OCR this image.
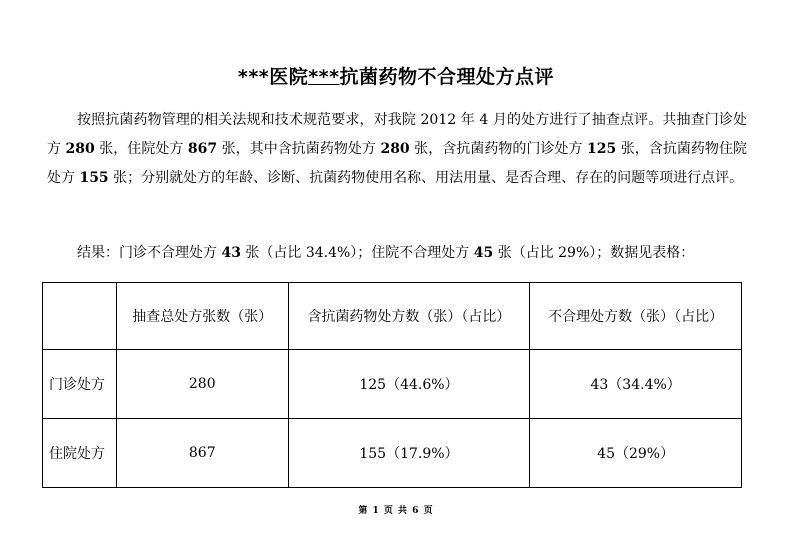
***医院***抗菌药物不合理处方点评
按照抗菌药物管理的相关法规和技术规范要求，对我院 2012 年 4 月的处方进行了抽查点评。共抽查门诊处方 280 张，住院处方 867 张，其中含抗菌药物处方 280 张，含抗菌药物的门诊处方 125 张，含抗菌药物住院处方 155 张；分别就处方的年龄、诊断、抗菌药物使用名称、用法用量、是否合理、存在的问题等项进行点评。
结果：门诊不合理处方 43 张（占比 34.4%）；住院不合理处方 45 张（占比 29%）；数据见表格：
	抽查总处方张数（张）	含抗菌药物处方数（张）（占比）	不合理处方数（张）（占比）
门诊处方	280	125（44.6%）	43（34.4%）
住院处方	867	155（17.9%）	45（29%）
第 1 页 共 6 页
